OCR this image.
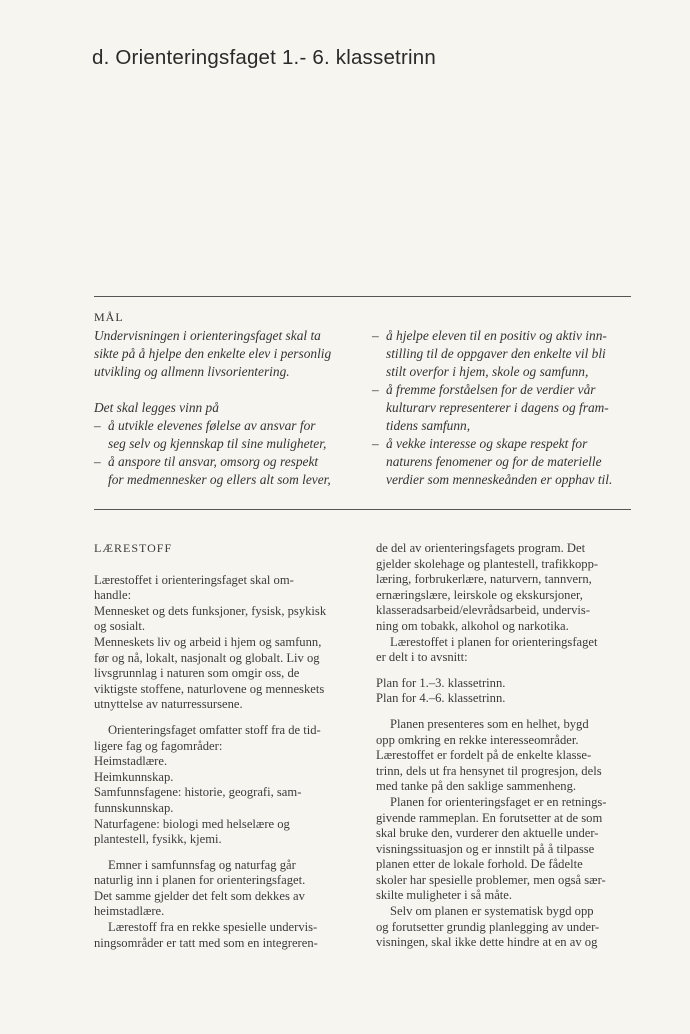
d. Orienteringsfaget 1.- 6. klassetrinn
MÅL
Undervisningen i orienteringsfaget skal ta
sikte på å hjelpe den enkelte elev i personlig
utvikling og allmenn livsorientering.
Det skal legges vinn på
– å utvikle elevenes følelse av ansvar for
seg selv og kjennskap til sine muligheter,
– å anspore til ansvar, omsorg og respekt
for medmennesker og ellers alt som lever,
– å hjelpe eleven til en positiv og aktiv inn-
stilling til de oppgaver den enkelte vil bli
stilt overfor i hjem, skole og samfunn,
– å fremme forståelsen for de verdier vår
kulturarv representerer i dagens og fram-
tidens samfunn,
– å vekke interesse og skape respekt for
naturens fenomener og for de materielle
verdier som menneskeånden er opphav til.

LÆRESTOFF

Lærestoffet i orienteringsfaget skal om-
handle:
Mennesket og dets funksjoner, fysisk, psykisk
og sosialt.
Menneskets liv og arbeid i hjem og samfunn,
før og nå, lokalt, nasjonalt og globalt. Liv og
livsgrunnlag i naturen som omgir oss, de
viktigste stoffene, naturlovene og menneskets
utnyttelse av naturressursene.
Orienteringsfaget omfatter stoff fra de tid-
ligere fag og fagområder:
Heimstadlære.
Heimkunnskap.
Samfunnsfagene: historie, geografi, sam-
funnskunnskap.
Naturfagene: biologi med helselære og
plantestell, fysikk, kjemi.
Emner i samfunnsfag og naturfag går
naturlig inn i planen for orienteringsfaget.
Det samme gjelder det felt som dekkes av
heimstadlære.
Lærestoff fra en rekke spesielle undervis-
ningsområder er tatt med som en integreren-
de del av orienteringsfagets program. Det
gjelder skolehage og plantestell, trafikkopp-
læring, forbrukerlære, naturvern, tannvern,
ernæringslære, leirskole og ekskursjoner,
klasseradsarbeid/elevrådsarbeid, undervis-
ning om tobakk, alkohol og narkotika.
Lærestoffet i planen for orienteringsfaget
er delt i to avsnitt:
Plan for 1.–3. klassetrinn.
Plan for 4.–6. klassetrinn.
Planen presenteres som en helhet, bygd
opp omkring en rekke interesseområder.
Lærestoffet er fordelt på de enkelte klasse-
trinn, dels ut fra hensynet til progresjon, dels
med tanke på den saklige sammenheng.
Planen for orienteringsfaget er en retnings-
givende rammeplan. En forutsetter at de som
skal bruke den, vurderer den aktuelle under-
visningssituasjon og er innstilt på å tilpasse
planen etter de lokale forhold. De fådelte
skoler har spesielle problemer, men også sær-
skilte muligheter i så måte.
Selv om planen er systematisk bygd opp
og forutsetter grundig planlegging av under-
visningen, skal ikke dette hindre at en av og
